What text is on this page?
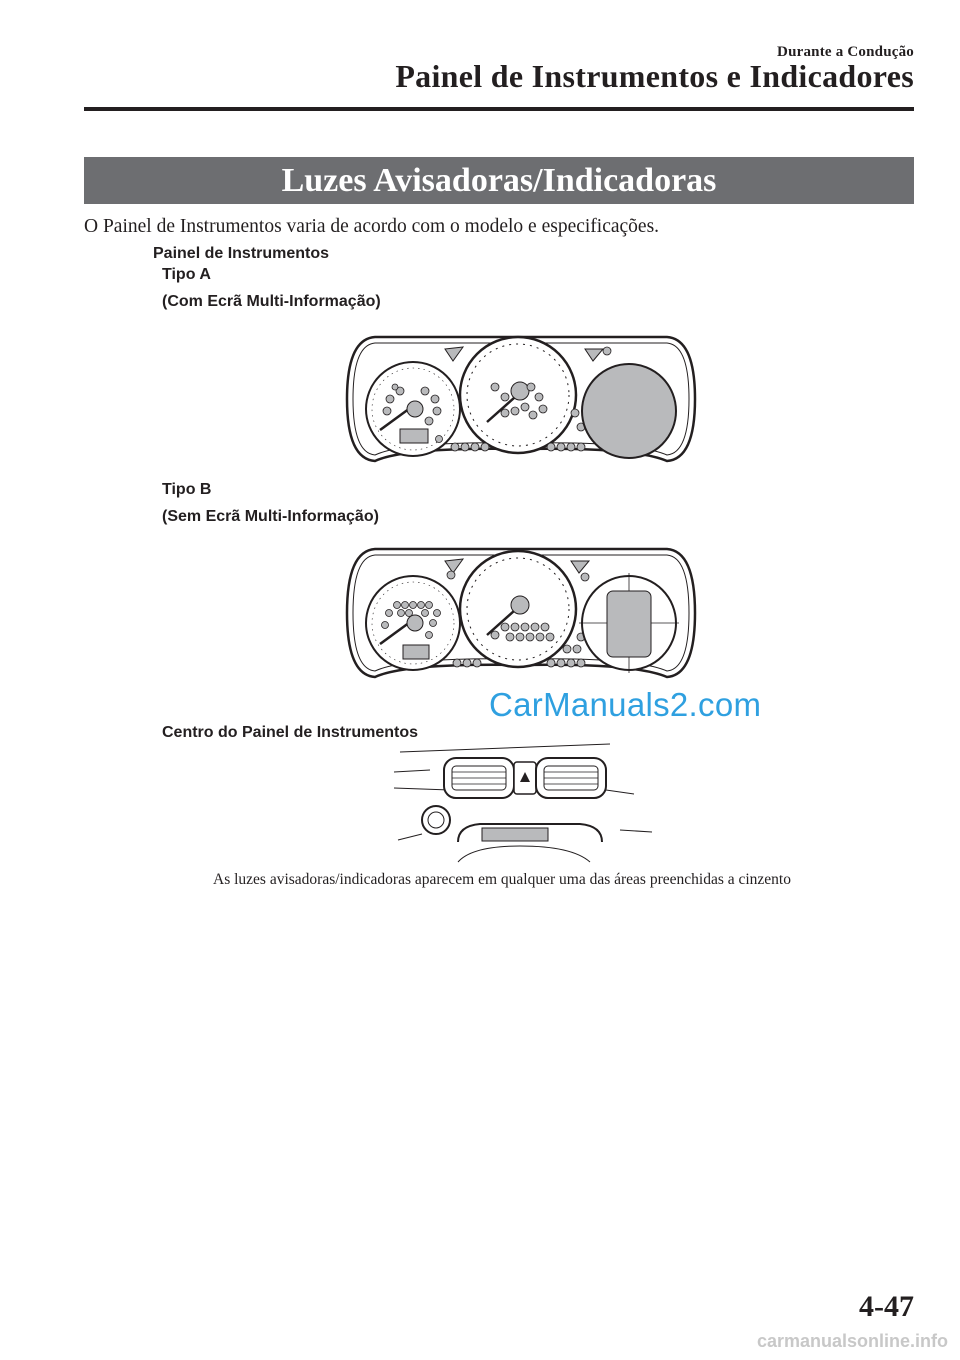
Durante a Condução
Painel de Instrumentos e Indicadores
Luzes Avisadoras/Indicadoras
O Painel de Instrumentos varia de acordo com o modelo e especificações.
Painel de Instrumentos
Tipo A
(Com Ecrã Multi-Informação)
Tipo B
(Sem Ecrã Multi-Informação)
CarManuals2.com
Centro do Painel de Instrumentos
As luzes avisadoras/indicadoras aparecem em qualquer uma das áreas preenchidas a cinzento
4-47
carmanualsonline.info
